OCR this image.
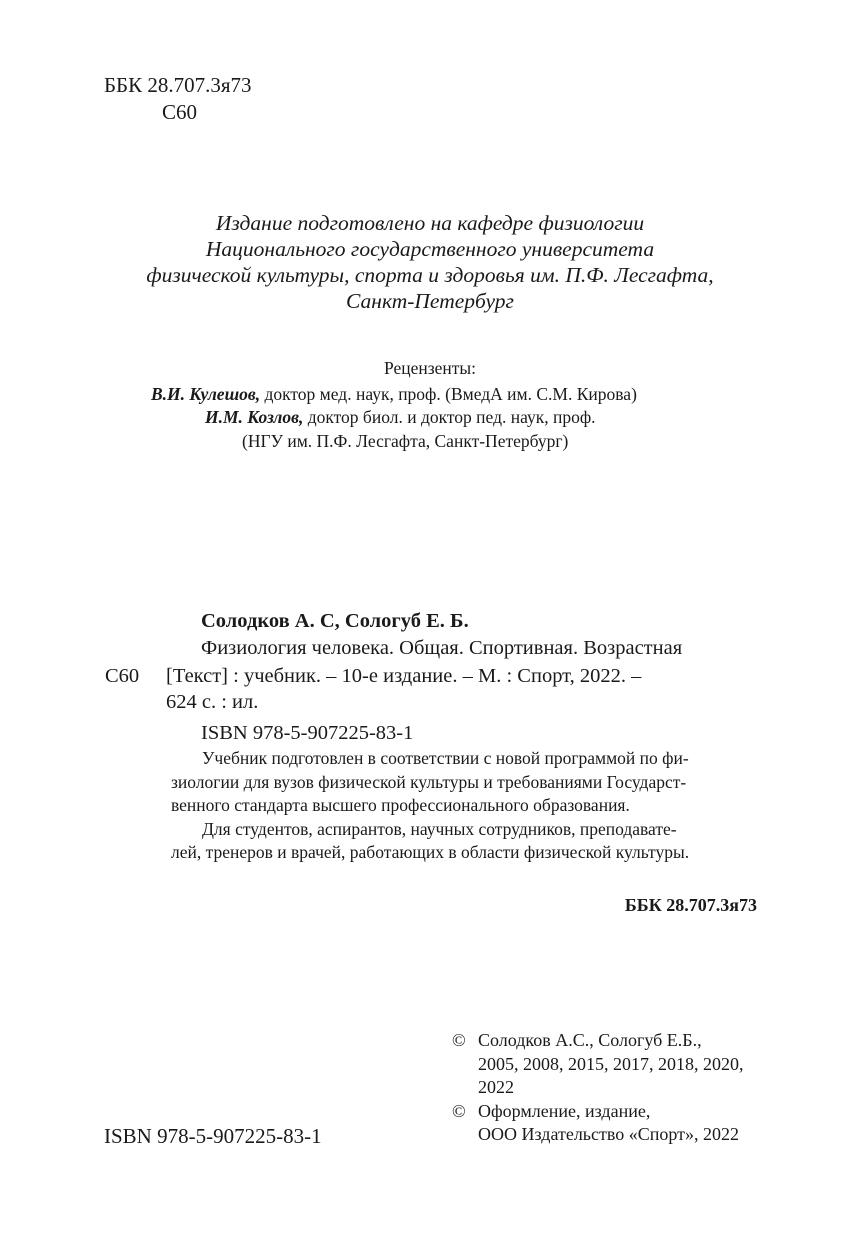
ББК 28.707.3я73
С60
Издание подготовлено на кафедре физиологии
Национального государственного университета
физической культуры, спорта и здоровья им. П.Ф. Лесгафта,
Санкт-Петербург
Рецензенты:
В.И. Кулешов, доктор мед. наук, проф. (ВмедА им. С.М. Кирова)
И.М. Козлов, доктор биол. и доктор пед. наук, проф.
(НГУ им. П.Ф. Лесгафта, Санкт-Петербург)
Солодков А. С, Сологуб Е. Б.
Физиология человека. Общая. Спортивная. Возрастная
С60 [Текст] : учебник. – 10-е издание. – М. : Спорт, 2022. –
624 с. : ил.
ISBN 978-5-907225-83-1
Учебник подготовлен в соответствии с новой программой по фи-
зиологии для вузов физической культуры и требованиями Государст-
венного стандарта высшего профессионального образования.
Для студентов, аспирантов, научных сотрудников, преподавате-
лей, тренеров и врачей, работающих в области физической культуры.
ББК 28.707.3я73
© Солодков А.С., Сологуб Е.Б.,
2005, 2008, 2015, 2017, 2018, 2020,
2022
© Оформление, издание,
ООО Издательство «Спорт», 2022
ISBN 978-5-907225-83-1
